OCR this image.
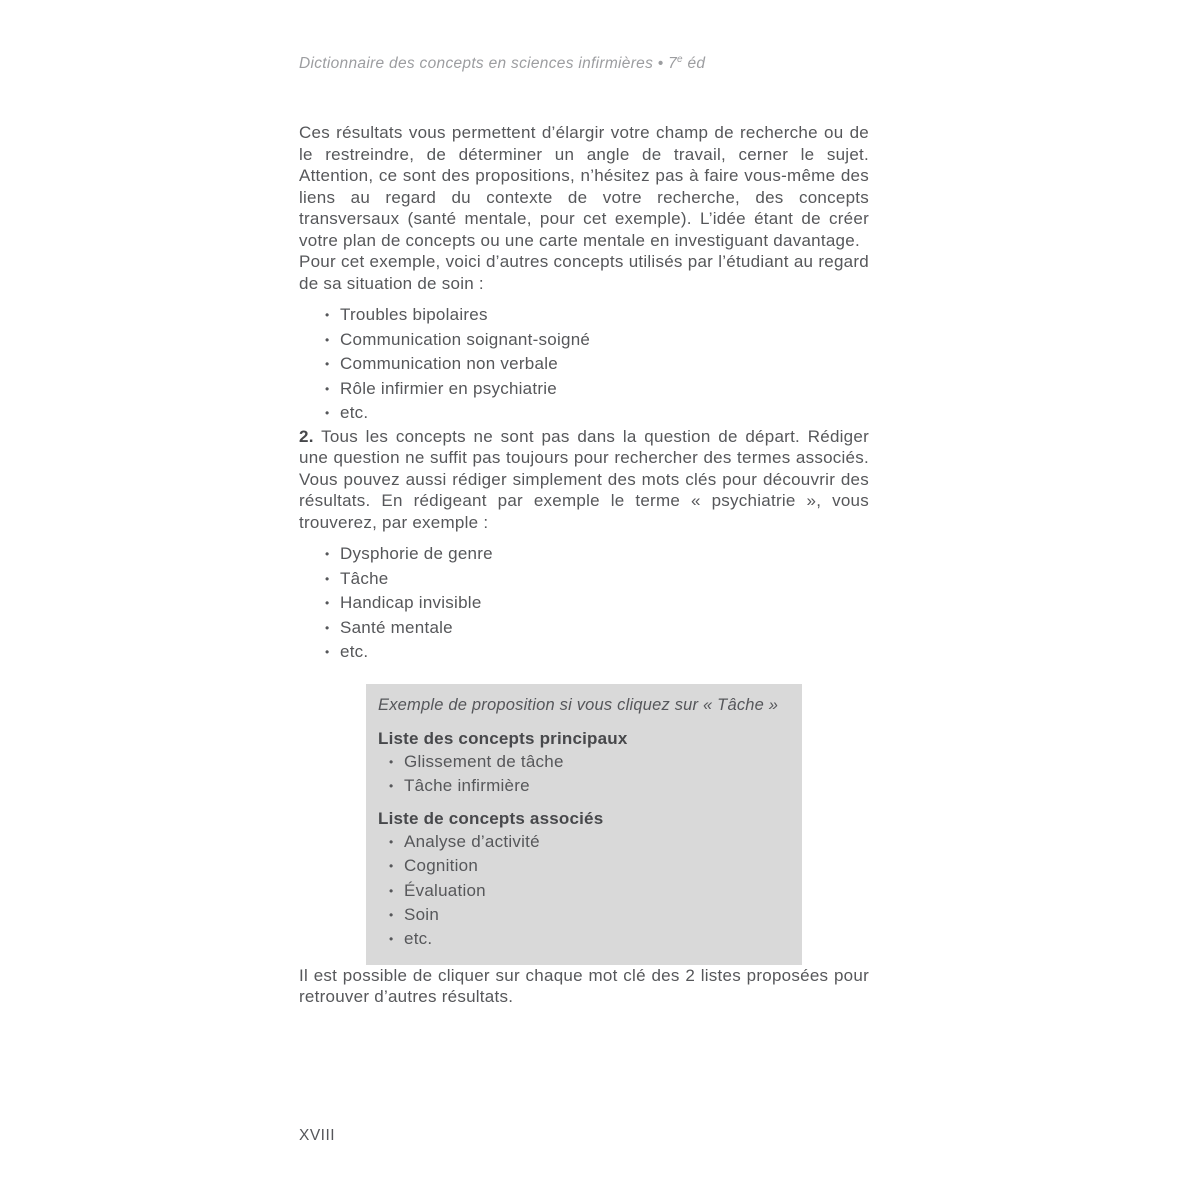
Dictionnaire des concepts en sciences infirmières • 7e éd

Ces résultats vous permettent d’élargir votre champ de recherche ou de le restreindre, de déterminer un angle de travail, cerner le sujet. Attention, ce sont des propositions, n’hésitez pas à faire vous-même des liens au regard du contexte de votre recherche, des concepts transversaux (santé mentale, pour cet exemple). L’idée étant de créer votre plan de concepts ou une carte mentale en investiguant davantage.

Pour cet exemple, voici d’autres concepts utilisés par l’étudiant au regard de sa situation de soin :

• Troubles bipolaires
• Communication soignant-soigné
• Communication non verbale
• Rôle infirmier en psychiatrie
• etc.

2. Tous les concepts ne sont pas dans la question de départ. Rédiger une question ne suffit pas toujours pour rechercher des termes associés. Vous pouvez aussi rédiger simplement des mots clés pour découvrir des résultats. En rédigeant par exemple le terme « psychiatrie », vous trouverez, par exemple :

• Dysphorie de genre
• Tâche
• Handicap invisible
• Santé mentale
• etc.

Exemple de proposition si vous cliquez sur « Tâche »

Liste des concepts principaux
• Glissement de tâche
• Tâche infirmière
Liste de concepts associés
• Analyse d’activité
• Cognition
• Évaluation
• Soin
• etc.

Il est possible de cliquer sur chaque mot clé des 2 listes proposées pour retrouver d’autres résultats.

XVIII
